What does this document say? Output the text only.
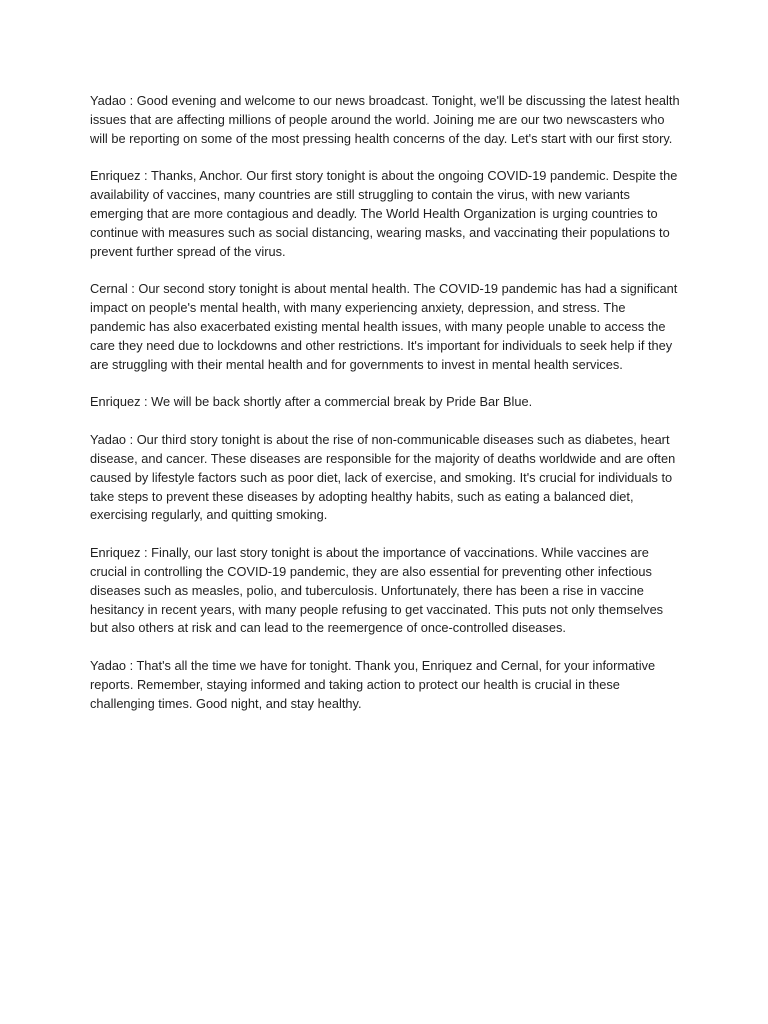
Yadao : Good evening and welcome to our news broadcast. Tonight, we'll be discussing the latest health issues that are affecting millions of people around the world. Joining me are our two newscasters who will be reporting on some of the most pressing health concerns of the day. Let's start with our first story.

Enriquez : Thanks, Anchor. Our first story tonight is about the ongoing COVID-19 pandemic. Despite the availability of vaccines, many countries are still struggling to contain the virus, with new variants emerging that are more contagious and deadly. The World Health Organization is urging countries to continue with measures such as social distancing, wearing masks, and vaccinating their populations to prevent further spread of the virus.

Cernal : Our second story tonight is about mental health. The COVID-19 pandemic has had a significant impact on people's mental health, with many experiencing anxiety, depression, and stress. The pandemic has also exacerbated existing mental health issues, with many people unable to access the care they need due to lockdowns and other restrictions. It's important for individuals to seek help if they are struggling with their mental health and for governments to invest in mental health services.

Enriquez : We will be back shortly after a commercial break by Pride Bar Blue.

Yadao : Our third story tonight is about the rise of non-communicable diseases such as diabetes, heart disease, and cancer. These diseases are responsible for the majority of deaths worldwide and are often caused by lifestyle factors such as poor diet, lack of exercise, and smoking. It's crucial for individuals to take steps to prevent these diseases by adopting healthy habits, such as eating a balanced diet, exercising regularly, and quitting smoking.

Enriquez : Finally, our last story tonight is about the importance of vaccinations. While vaccines are crucial in controlling the COVID-19 pandemic, they are also essential for preventing other infectious diseases such as measles, polio, and tuberculosis. Unfortunately, there has been a rise in vaccine hesitancy in recent years, with many people refusing to get vaccinated. This puts not only themselves but also others at risk and can lead to the reemergence of once-controlled diseases.

Yadao : That's all the time we have for tonight. Thank you, Enriquez and Cernal, for your informative reports. Remember, staying informed and taking action to protect our health is crucial in these challenging times. Good night, and stay healthy.
